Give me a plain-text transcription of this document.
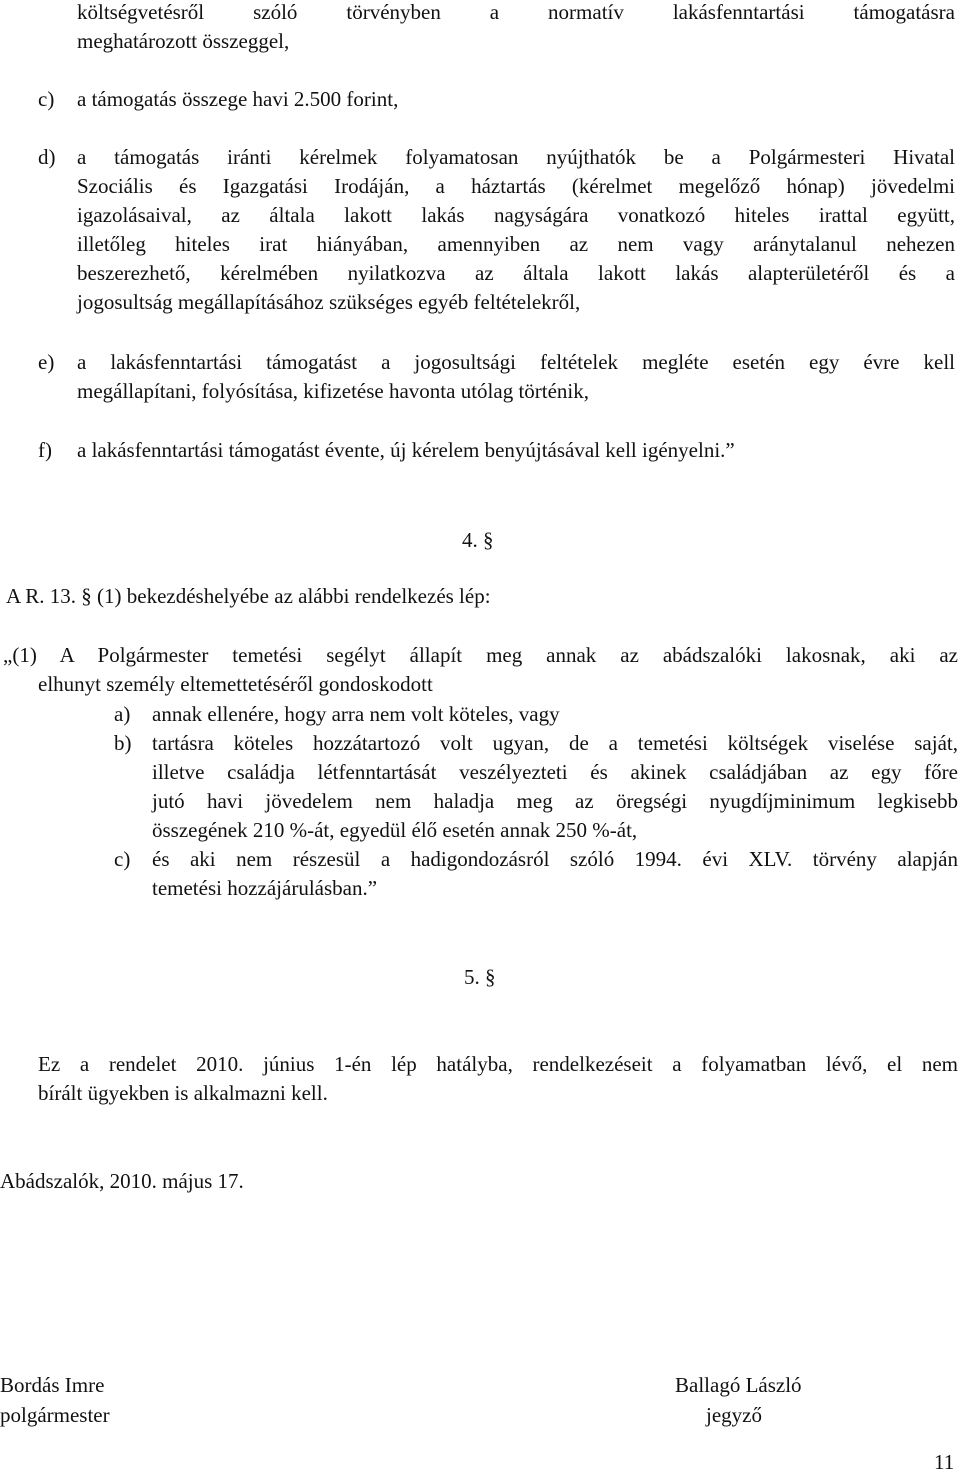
költségvetésről szóló törvényben a normatív lakásfenntartási támogatásra
meghatározott összeggel,
c) a támogatás összege havi 2.500 forint,
d) a támogatás iránti kérelmek folyamatosan nyújthatók be a Polgármesteri Hivatal
Szociális és Igazgatási Irodáján, a háztartás (kérelmet megelőző hónap) jövedelmi
igazolásaival, az általa lakott lakás nagyságára vonatkozó hiteles irattal együtt,
illetőleg hiteles irat hiányában, amennyiben az nem vagy aránytalanul nehezen
beszerezhető, kérelmében nyilatkozva az általa lakott lakás alapterületéről és a
jogosultság megállapításához szükséges egyéb feltételekről,
e) a lakásfenntartási támogatást a jogosultsági feltételek megléte esetén egy évre kell
megállapítani, folyósítása, kifizetése havonta utólag történik,
f) a lakásfenntartási támogatást évente, új kérelem benyújtásával kell igényelni.”
4. §
A R. 13. § (1) bekezdéshelyébe az alábbi rendelkezés lép:
„(1) A Polgármester temetési segélyt állapít meg annak az abádszalóki lakosnak, aki az
elhunyt személy eltemettetéséről gondoskodott
a) annak ellenére, hogy arra nem volt köteles, vagy
b) tartásra köteles hozzátartozó volt ugyan, de a temetési költségek viselése saját,
illetve családja létfenntartását veszélyezteti és akinek családjában az egy főre
jutó havi jövedelem nem haladja meg az öregségi nyugdíjminimum legkisebb
összegének 210 %-át, egyedül élő esetén annak 250 %-át,
c) és aki nem részesül a hadigondozásról szóló 1994. évi XLV. törvény alapján
temetési hozzájárulásban.”
5. §
Ez a rendelet 2010. június 1-én lép hatályba, rendelkezéseit a folyamatban lévő, el nem
bírált ügyekben is alkalmazni kell.
Abádszalók, 2010. május 17.
Bordás Imre
polgármester
Ballagó László
jegyző
11
